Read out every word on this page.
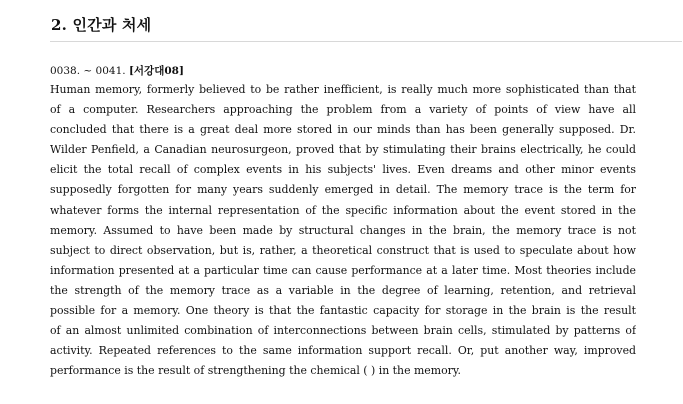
2. 인간과 처세
0038. ~ 0041. [서강대08]
Human memory, formerly believed to be rather inefficient, is really much more sophisticated than that
of a computer. Researchers approaching the problem from a variety of points of view have all
concluded that there is a great deal more stored in our minds than has been generally supposed. Dr.
Wilder Penfield, a Canadian neurosurgeon, proved that by stimulating their brains electrically, he could
elicit the total recall of complex events in his subjects' lives. Even dreams and other minor events
supposedly forgotten for many years suddenly emerged in detail. The memory trace is the term for
whatever forms the internal representation of the specific information about the event stored in the
memory. Assumed to have been made by structural changes in the brain, the memory trace is not
subject to direct observation, but is, rather, a theoretical construct that is used to speculate about how
information presented at a particular time can cause performance at a later time. Most theories include
the strength of the memory trace as a variable in the degree of learning, retention, and retrieval
possible for a memory. One theory is that the fantastic capacity for storage in the brain is the result
of an almost unlimited combination of interconnections between brain cells, stimulated by patterns of
activity. Repeated references to the same information support recall. Or, put another way, improved
performance is the result of strengthening the chemical ( ) in the memory.
